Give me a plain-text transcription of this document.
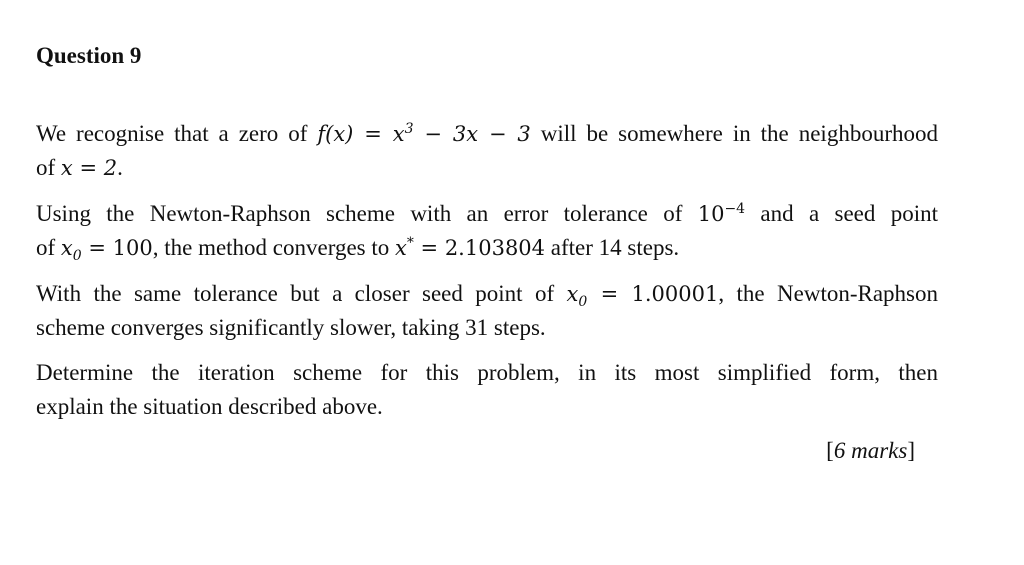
Question 9
We recognise that a zero of $f(x) = x^3 - 3x - 3$ will be somewhere in the neighbourhood
of x = 2.
Using the Newton-Raphson scheme with an error tolerance of $10^{-4}$ and a seed point
of $x_0 = 100$, the method converges to x* = 2.103804 after 14 steps.
With the same tolerance but a closer seed point of $x_0 = 1.00001$, the Newton-Raphson
scheme converges significantly slower, taking 31 steps.
Determine the iteration scheme for this problem, in its most simplified form, then
explain the situation described above.
[6 marks]
